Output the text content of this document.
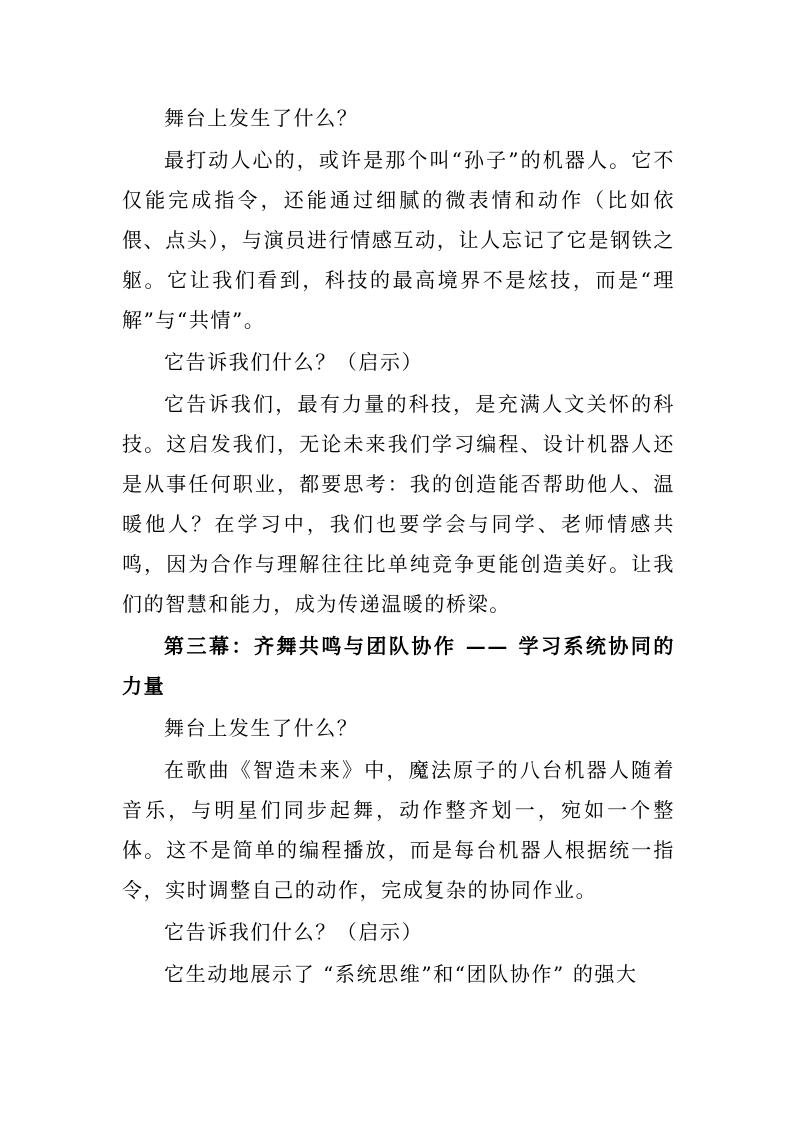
舞台上发生了什么？

最打动人心的，或许是那个叫“孙子”的机器人。它不仅能完成指令，还能通过细腻的微表情和动作（比如依偎、点头），与演员进行情感互动，让人忘记了它是钢铁之躯。它让我们看到，科技的最高境界不是炫技，而是“理解”与“共情”。

它告诉我们什么？（启示）

它告诉我们，最有力量的科技，是充满人文关怀的科技。这启发我们，无论未来我们学习编程、设计机器人还是从事任何职业，都要思考：我的创造能否帮助他人、温暖他人？在学习中，我们也要学会与同学、老师情感共鸣，因为合作与理解往往比单纯竞争更能创造美好。让我们的智慧和能力，成为传递温暖的桥梁。

第三幕：齐舞共鸣与团队协作 —— 学习系统协同的力量

舞台上发生了什么？

在歌曲《智造未来》中，魔法原子的八台机器人随着音乐，与明星们同步起舞，动作整齐划一，宛如一个整体。这不是简单的编程播放，而是每台机器人根据统一指令，实时调整自己的动作，完成复杂的协同作业。

它告诉我们什么？（启示）

它生动地展示了 “系统思维”和“团队协作” 的强大
